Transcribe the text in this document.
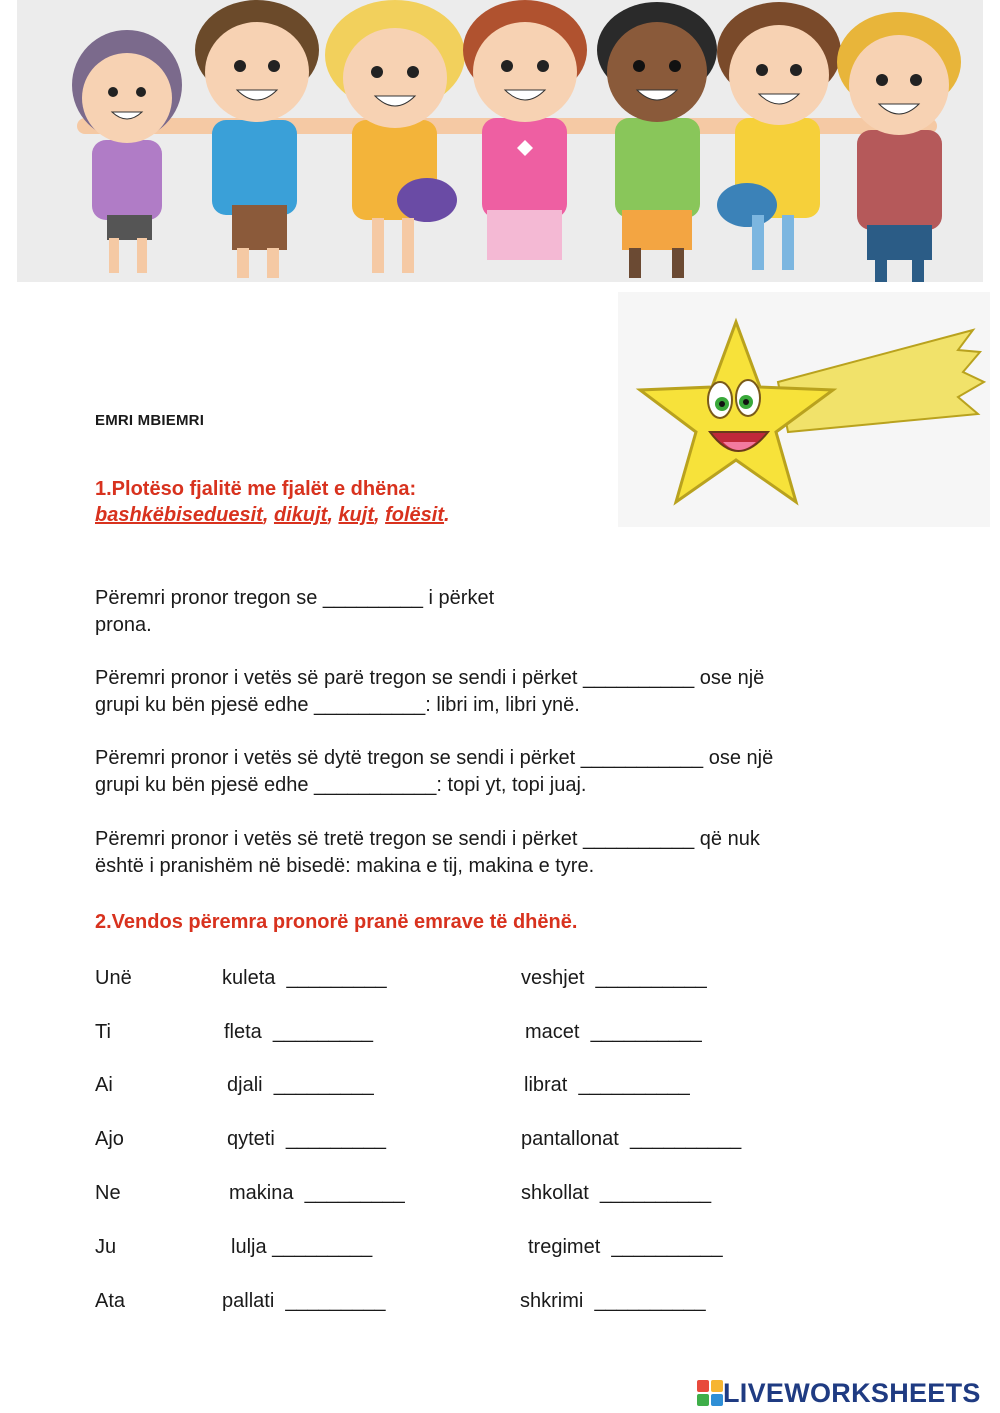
EMRI MBIEMRI
1.Plotëso fjalitë me fjalët e dhëna:
bashkëbiseduesit, dikujt, kujt, folësit.
Përemri pronor tregon se _________ i përket
prona.
Përemri pronor i vetës së parë tregon se sendi i përket __________ ose një
grupi ku bën pjesë edhe __________: libri im, libri ynë.
Përemri pronor i vetës së dytë tregon se sendi i përket ___________ ose një
grupi ku bën pjesë edhe ___________: topi yt, topi juaj.
Përemri pronor i vetës së tretë tregon se sendi i përket __________ që nuk
është i pranishëm në bisedë: makina e tij, makina e tyre.
2.Vendos përemra pronorë pranë emrave të dhënë.
Unë	kuleta  _________	veshjet  __________
Ti	fleta  _________	macet  __________
Ai	djali  _________	librat  __________
Ajo	qyteti  _________	pantallonat  __________
Ne	makina  _________	shkollat  __________
Ju	lulja _________	tregimet  __________
Ata	pallati  _________	shkrimi  __________
LIVEWORKSHEETS
